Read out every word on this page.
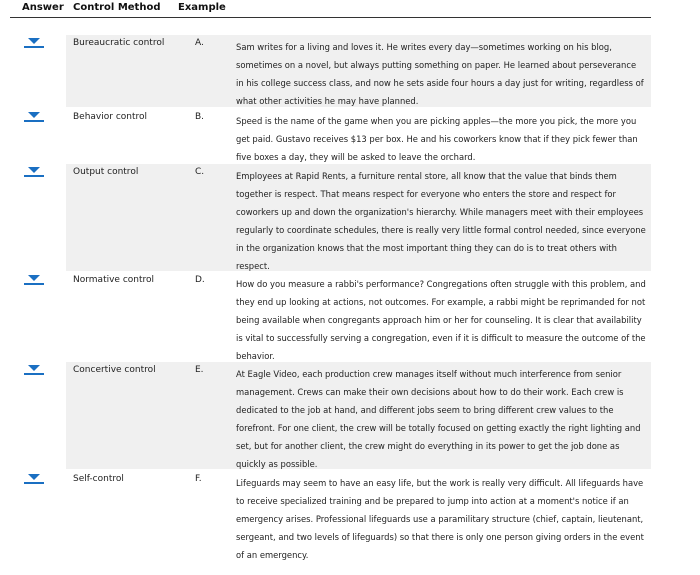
Answer Control Method Example
Bureaucratic control	A.	Sam writes for a living and loves it. He writes every day—sometimes working on his blog, sometimes on a novel, but always putting something on paper. He learned about perseverance in his college success class, and now he sets aside four hours a day just for writing, regardless of what other activities he may have planned.
Behavior control	B.	Speed is the name of the game when you are picking apples—the more you pick, the more you get paid. Gustavo receives $13 per box. He and his coworkers know that if they pick fewer than five boxes a day, they will be asked to leave the orchard.
Output control	C.	Employees at Rapid Rents, a furniture rental store, all know that the value that binds them together is respect. That means respect for everyone who enters the store and respect for coworkers up and down the organization's hierarchy. While managers meet with their employees regularly to coordinate schedules, there is really very little formal control needed, since everyone in the organization knows that the most important thing they can do is to treat others with respect.
Normative control	D.	How do you measure a rabbi's performance? Congregations often struggle with this problem, and they end up looking at actions, not outcomes. For example, a rabbi might be reprimanded for not being available when congregants approach him or her for counseling. It is clear that availability is vital to successfully serving a congregation, even if it is difficult to measure the outcome of the behavior.
Concertive control	E.	At Eagle Video, each production crew manages itself without much interference from senior management. Crews can make their own decisions about how to do their work. Each crew is dedicated to the job at hand, and different jobs seem to bring different crew values to the forefront. For one client, the crew will be totally focused on getting exactly the right lighting and set, but for another client, the crew might do everything in its power to get the job done as quickly as possible.
Self-control	F.	Lifeguards may seem to have an easy life, but the work is really very difficult. All lifeguards have to receive specialized training and be prepared to jump into action at a moment's notice if an emergency arises. Professional lifeguards use a paramilitary structure (chief, captain, lieutenant, sergeant, and two levels of lifeguards) so that there is only one person giving orders in the event of an emergency.
